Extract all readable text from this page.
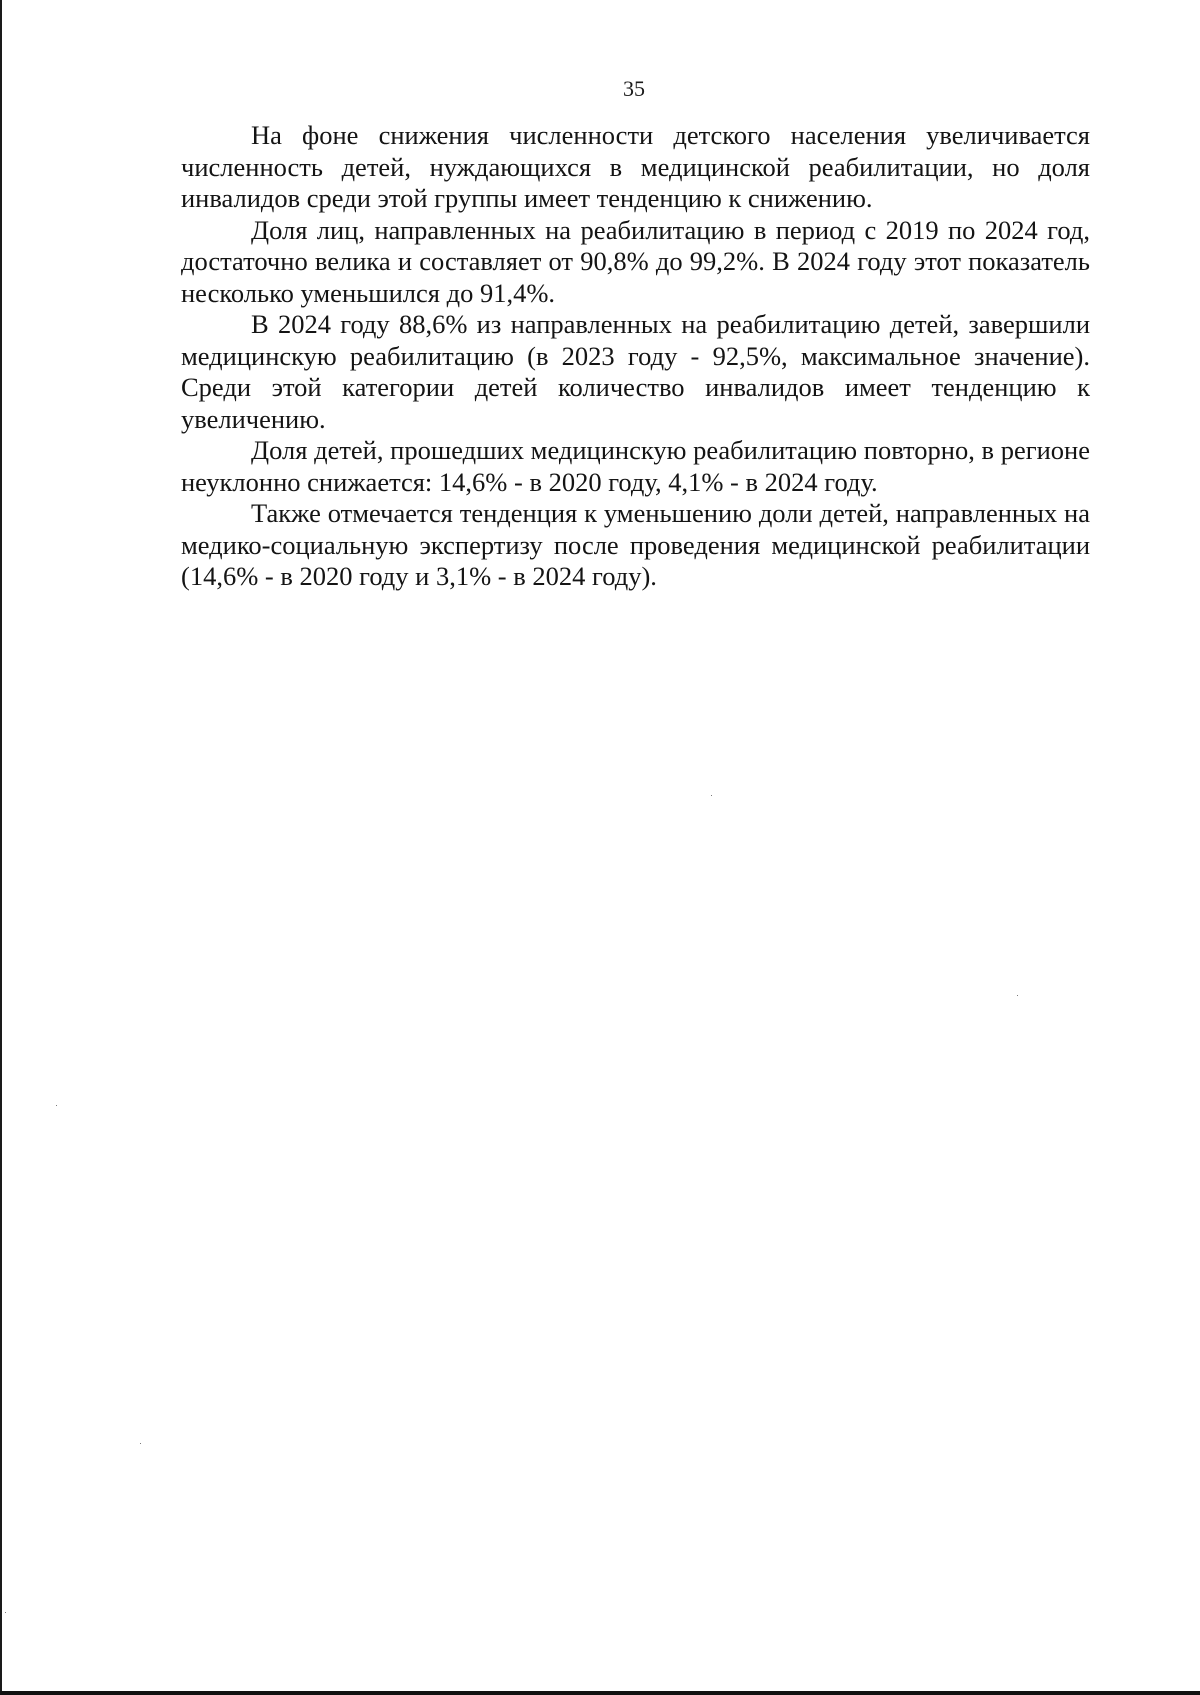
35

На фоне снижения численности детского населения увеличивается численность детей, нуждающихся в медицинской реабилитации, но доля инвалидов среди этой группы имеет тенденцию к снижению.

Доля лиц, направленных на реабилитацию в период с 2019 по 2024 год, достаточно велика и составляет от 90,8% до 99,2%. В 2024 году этот показатель несколько уменьшился до 91,4%.

В 2024 году 88,6% из направленных на реабилитацию детей, завершили медицинскую реабилитацию (в 2023 году - 92,5%, максимальное значение). Среди этой категории детей количество инвалидов имеет тенденцию к увеличению.

Доля детей, прошедших медицинскую реабилитацию повторно, в регионе неуклонно снижается: 14,6% - в 2020 году, 4,1% - в 2024 году.

Также отмечается тенденция к уменьшению доли детей, направленных на медико-социальную экспертизу после проведения медицинской реабилитации (14,6% - в 2020 году и 3,1% - в 2024 году).
